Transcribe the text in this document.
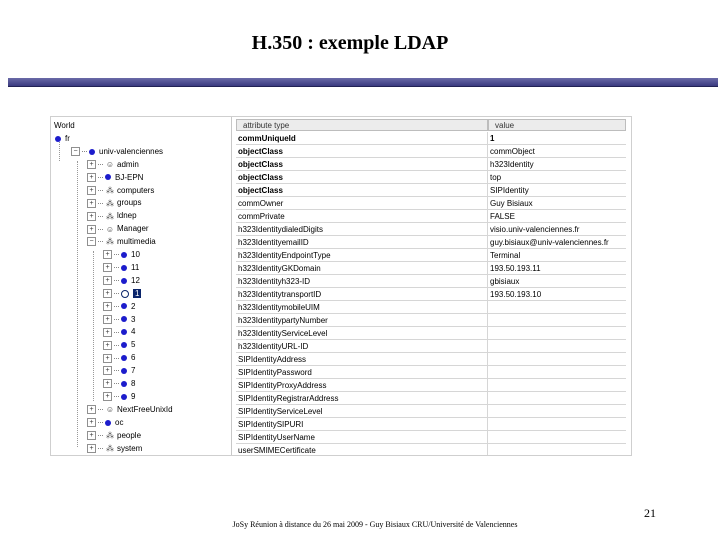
H.350 : exemple LDAP
World
fr
−	univ-valenciennes
+ ☺ admin
+	BJ-EPN
+ ⁂ computers
+ ⁂ groups
+ ⁂ ldnep
+ ☺ Manager
− ⁂ multimedia
+	10
+	11
+	12
+	1
+	2
+	3
+	4
+	5
+	6
+	7
+	8
+	9
+ ☺ NextFreeUnixId
+	oc
+ ⁂ people
+ ⁂ system
attribute type	value
commUniqueId	1
objectClass	commObject
objectClass	h323Identity
objectClass	top
objectClass	SIPIdentity
commOwner	Guy Bisiaux
commPrivate	FALSE
h323IdentitydialedDigits	visio.univ-valenciennes.fr
h323IdentityemailID	guy.bisiaux@univ-valenciennes.fr
h323IdentityEndpointType	Terminal
h323IdentityGKDomain	193.50.193.11
h323Identityh323-ID	gbisiaux
h323IdentitytransportID	193.50.193.10
h323IdentitymobileUIM
h323IdentitypartyNumber
h323IdentityServiceLevel
h323IdentityURL-ID
SIPIdentityAddress
SIPIdentityPassword
SIPIdentityProxyAddress
SIPIdentityRegistrarAddress
SIPIdentityServiceLevel
SIPIdentitySIPURI
SIPIdentityUserName
userSMIMECertificate
21
JoSy Réunion à distance du 26 mai 2009 - Guy Bisiaux CRU/Université de Valenciennes
